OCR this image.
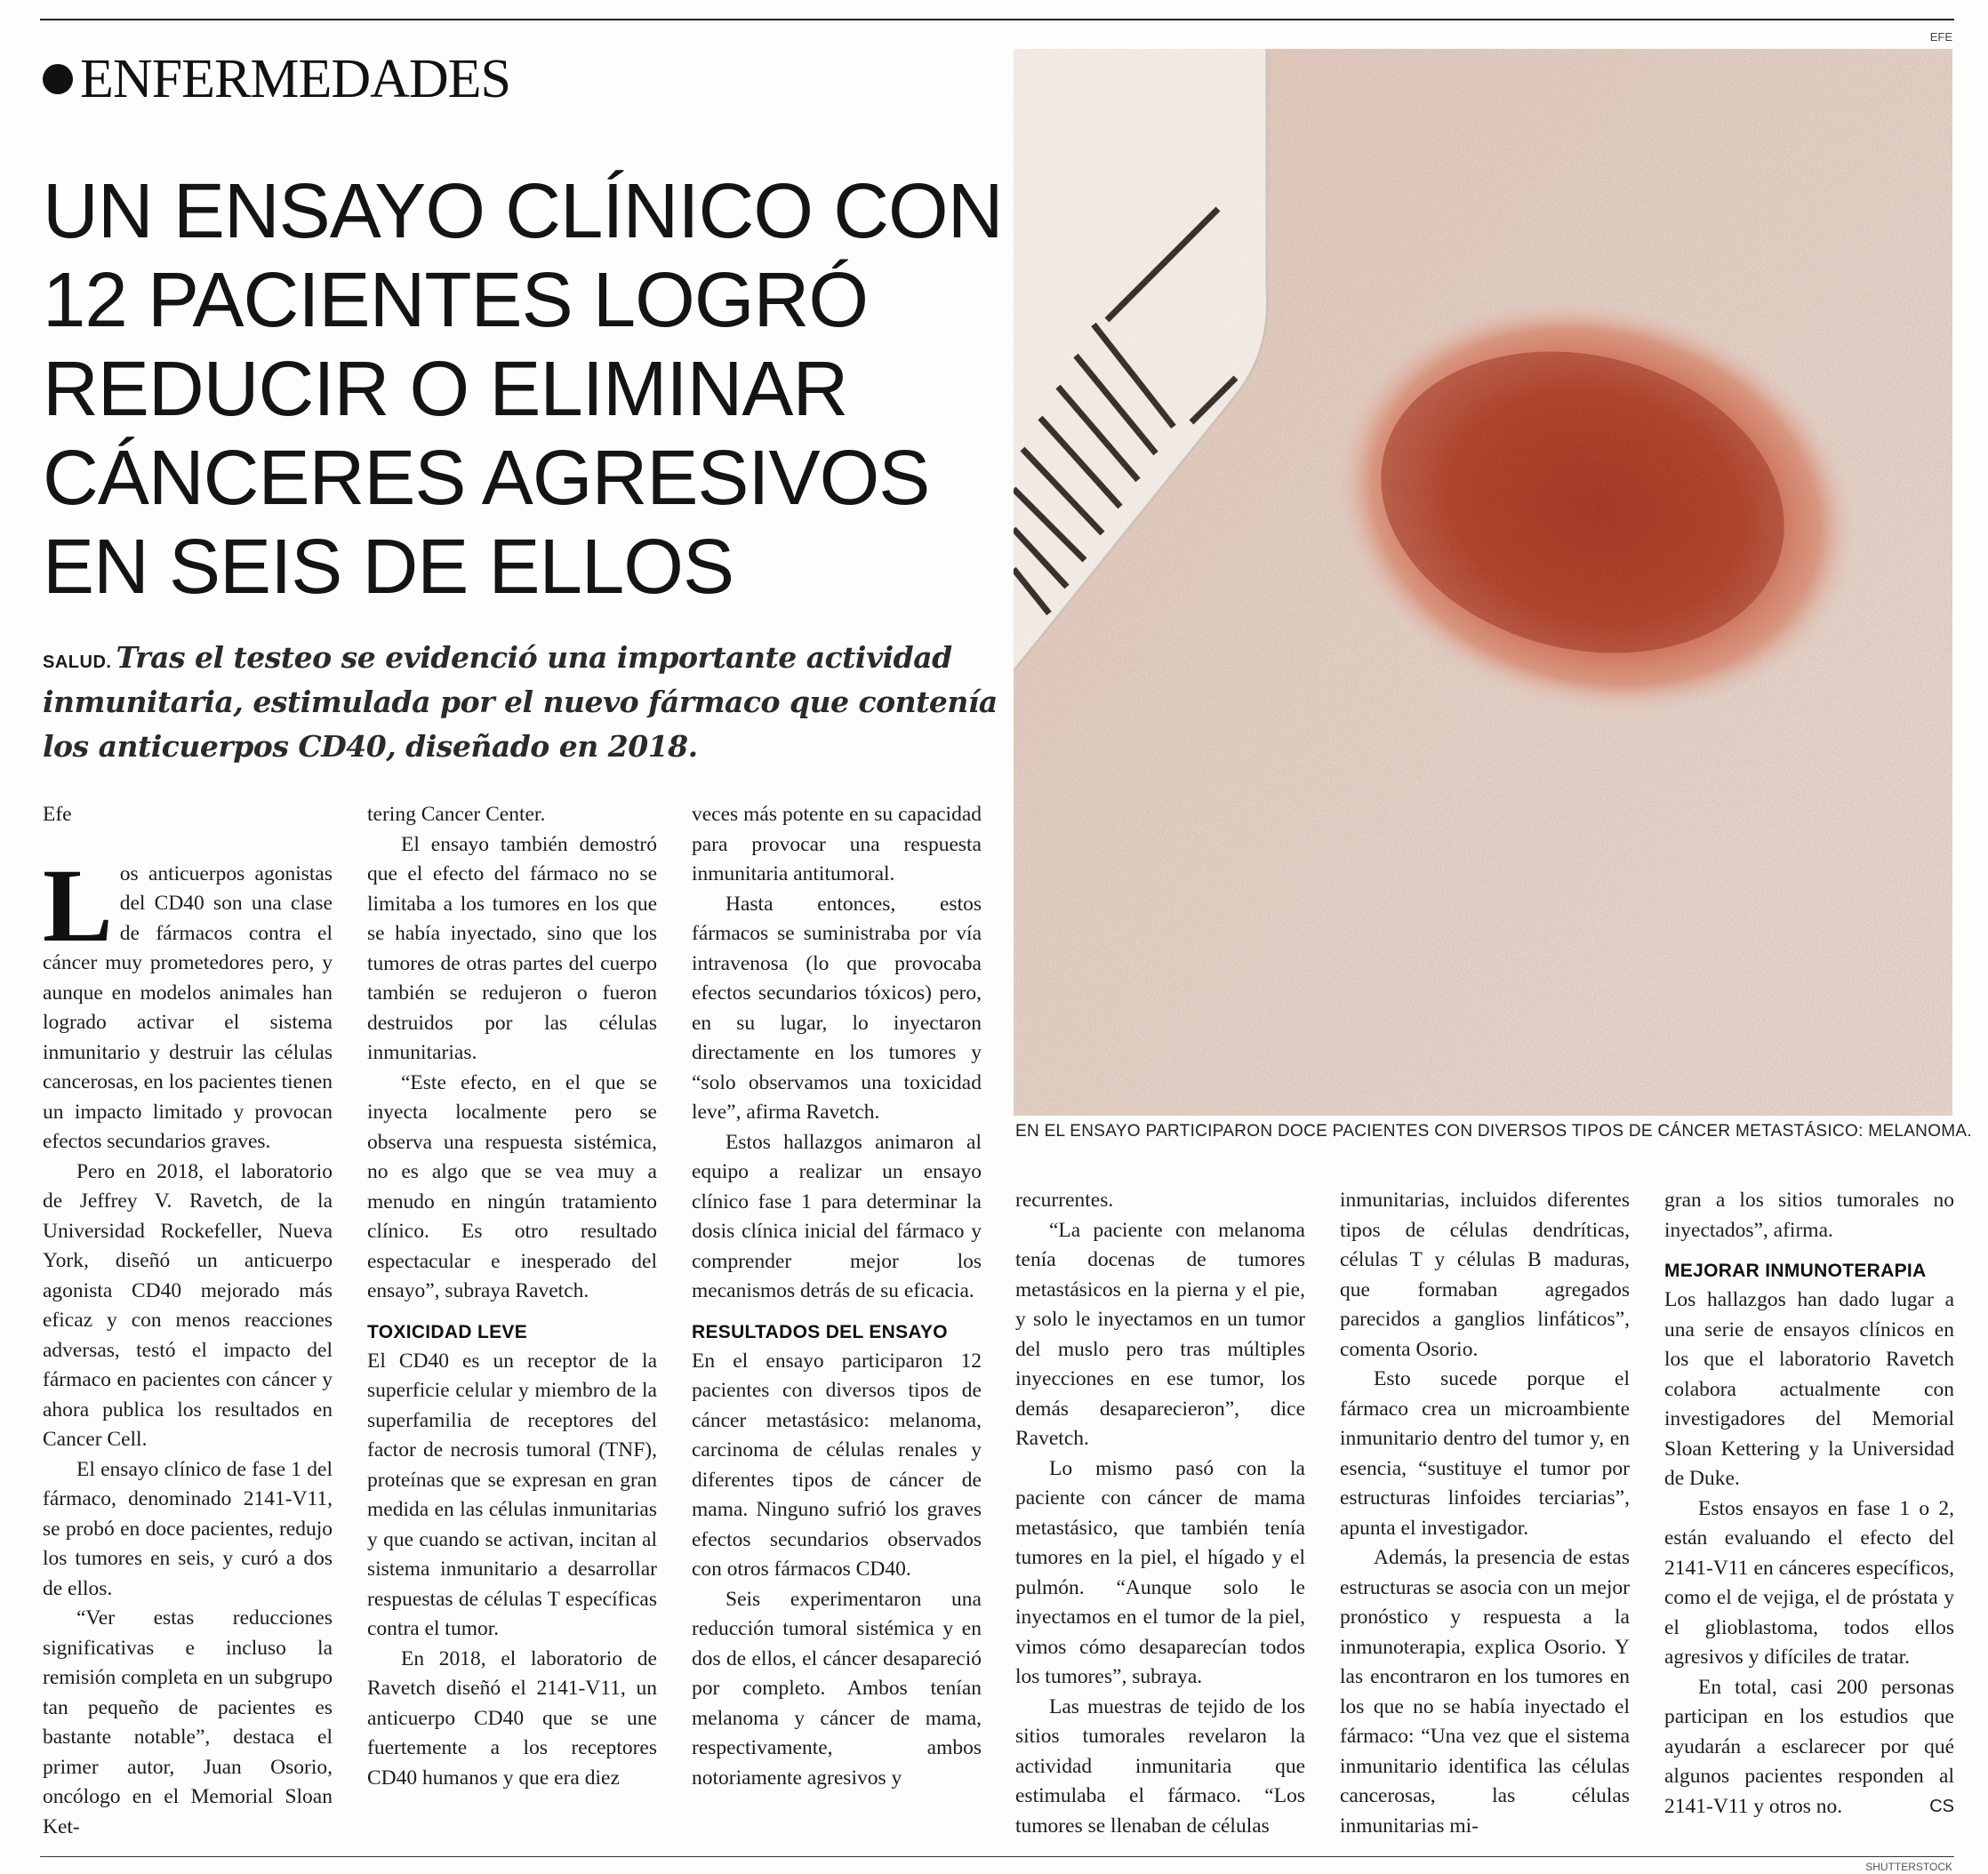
EFE
ENFERMEDADES
UN ENSAYO CLÍNICO CON 12 PACIENTES LOGRÓ REDUCIR O ELIMINAR CÁNCERES AGRESIVOS EN SEIS DE ELLOS
SALUD. Tras el testeo se evidenció una importante actividad inmunitaria, estimulada por el nuevo fármaco que contenía los anticuerpos CD40, diseñado en 2018.
EN EL ENSAYO PARTICIPARON DOCE PACIENTES CON DIVERSOS TIPOS DE CÁNCER METASTÁSICO: MELANOMA.

Efe

Los anticuerpos agonistas del CD40 son una clase de fármacos contra el cáncer muy prometedores pero, y aunque en modelos animales han logrado activar el sistema inmunitario y destruir las células cancerosas, en los pacientes tienen un impacto limitado y provocan efectos secundarios graves.

Pero en 2018, el laboratorio de Jeffrey V. Ravetch, de la Universidad Rockefeller, Nueva York, diseñó un anticuerpo agonista CD40 mejorado más eficaz y con menos reacciones adversas, testó el impacto del fármaco en pacientes con cáncer y ahora publica los resultados en Cancer Cell.

El ensayo clínico de fase 1 del fármaco, denominado 2141-V11, se probó en doce pacientes, redujo los tumores en seis, y curó a dos de ellos.

“Ver estas reducciones significativas e incluso la remisión completa en un subgrupo tan pequeño de pacientes es bastante notable”, destaca el primer autor, Juan Osorio, oncólogo en el Memorial Sloan Ket-

tering Cancer Center.

El ensayo también demostró que el efecto del fármaco no se limitaba a los tumores en los que se había inyectado, sino que los tumores de otras partes del cuerpo también se redujeron o fueron destruidos por las células inmunitarias.

“Este efecto, en el que se inyecta localmente pero se observa una respuesta sistémica, no es algo que se vea muy a menudo en ningún tratamiento clínico. Es otro resultado espectacular e inesperado del ensayo”, subraya Ravetch.

TOXICIDAD LEVE

El CD40 es un receptor de la superficie celular y miembro de la superfamilia de receptores del factor de necrosis tumoral (TNF), proteínas que se expresan en gran medida en las células inmunitarias y que cuando se activan, incitan al sistema inmunitario a desarrollar respuestas de células T específicas contra el tumor.

En 2018, el laboratorio de Ravetch diseñó el 2141-V11, un anticuerpo CD40 que se une fuertemente a los receptores CD40 humanos y que era diez

veces más potente en su capacidad para provocar una respuesta inmunitaria antitumoral.

Hasta entonces, estos fármacos se suministraba por vía intravenosa (lo que provocaba efectos secundarios tóxicos) pero, en su lugar, lo inyectaron directamente en los tumores y “solo observamos una toxicidad leve”, afirma Ravetch.

Estos hallazgos animaron al equipo a realizar un ensayo clínico fase 1 para determinar la dosis clínica inicial del fármaco y comprender mejor los mecanismos detrás de su eficacia.

RESULTADOS DEL ENSAYO

En el ensayo participaron 12 pacientes con diversos tipos de cáncer metastásico: melanoma, carcinoma de células renales y diferentes tipos de cáncer de mama. Ninguno sufrió los graves efectos secundarios observados con otros fármacos CD40.

Seis experimentaron una reducción tumoral sistémica y en dos de ellos, el cáncer desapareció por completo. Ambos tenían melanoma y cáncer de mama, respectivamente, ambos notoriamente agresivos y

recurrentes.

“La paciente con melanoma tenía docenas de tumores metastásicos en la pierna y el pie, y solo le inyectamos en un tumor del muslo pero tras múltiples inyecciones en ese tumor, los demás desaparecieron”, dice Ravetch.

Lo mismo pasó con la paciente con cáncer de mama metastásico, que también tenía tumores en la piel, el hígado y el pulmón. “Aunque solo le inyectamos en el tumor de la piel, vimos cómo desaparecían todos los tumores”, subraya.

Las muestras de tejido de los sitios tumorales revelaron la actividad inmunitaria que estimulaba el fármaco. “Los tumores se llenaban de células

inmunitarias, incluidos diferentes tipos de células dendríticas, células T y células B maduras, que formaban agregados parecidos a ganglios linfáticos”, comenta Osorio.

Esto sucede porque el fármaco crea un microambiente inmunitario dentro del tumor y, en esencia, “sustituye el tumor por estructuras linfoides terciarias”, apunta el investigador.

Además, la presencia de estas estructuras se asocia con un mejor pronóstico y respuesta a la inmunoterapia, explica Osorio. Y las encontraron en los tumores en los que no se había inyectado el fármaco: “Una vez que el sistema inmunitario identifica las células cancerosas, las células inmunitarias mi-

gran a los sitios tumorales no inyectados”, afirma.

MEJORAR INMUNOTERAPIA

Los hallazgos han dado lugar a una serie de ensayos clínicos en los que el laboratorio Ravetch colabora actualmente con investigadores del Memorial Sloan Kettering y la Universidad de Duke.

Estos ensayos en fase 1 o 2, están evaluando el efecto del 2141-V11 en cánceres específicos, como el de vejiga, el de próstata y el glioblastoma, todos ellos agresivos y difíciles de tratar.

En total, casi 200 personas participan en los estudios que ayudarán a esclarecer por qué algunos pacientes responden al 2141-V11 y otros no.	CS

SHUTTERSTOCK
